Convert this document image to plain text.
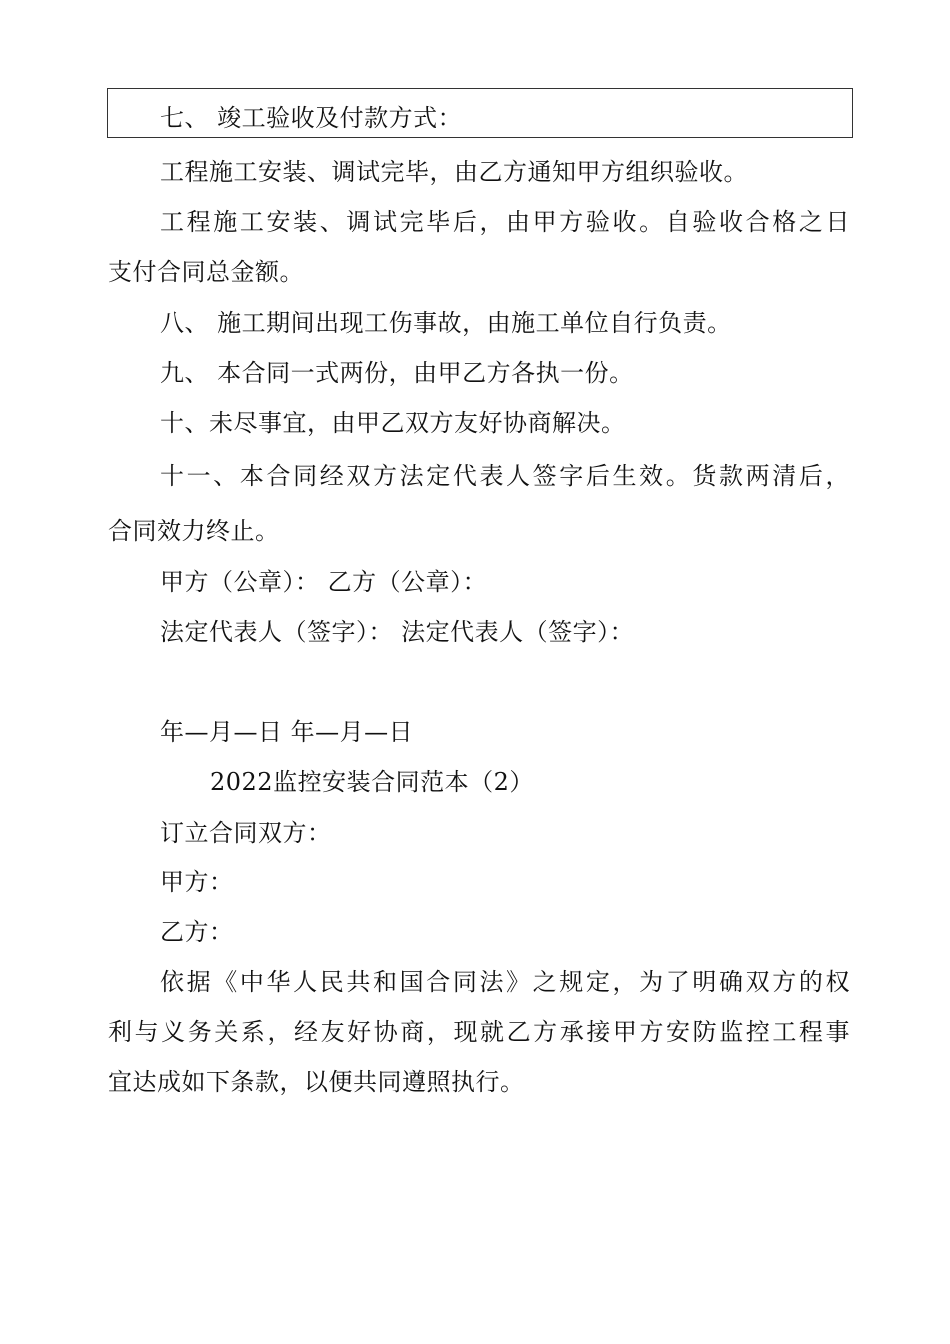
七、 竣工验收及付款方式：
工程施工安装、调试完毕，由乙方通知甲方组织验收。
工程施工安装、调试完毕后，由甲方验收。自验收合格之日
支付合同总金额。
八、 施工期间出现工伤事故，由施工单位自行负责。
九、 本合同一式两份，由甲乙方各执一份。
十、未尽事宜，由甲乙双方友好协商解决。
十一、本合同经双方法定代表人签字后生效。货款两清后，
合同效力终止。
甲方（公章）： 乙方（公章）：
法定代表人（签字）： 法定代表人（签字）：
年—月—日 年—月—日
2022监控安装合同范本（2）
订立合同双方：
甲方：
乙方：
依据《中华人民共和国合同法》之规定，为了明确双方的权
利与义务关系，经友好协商，现就乙方承接甲方安防监控工程事
宜达成如下条款，以便共同遵照执行。
